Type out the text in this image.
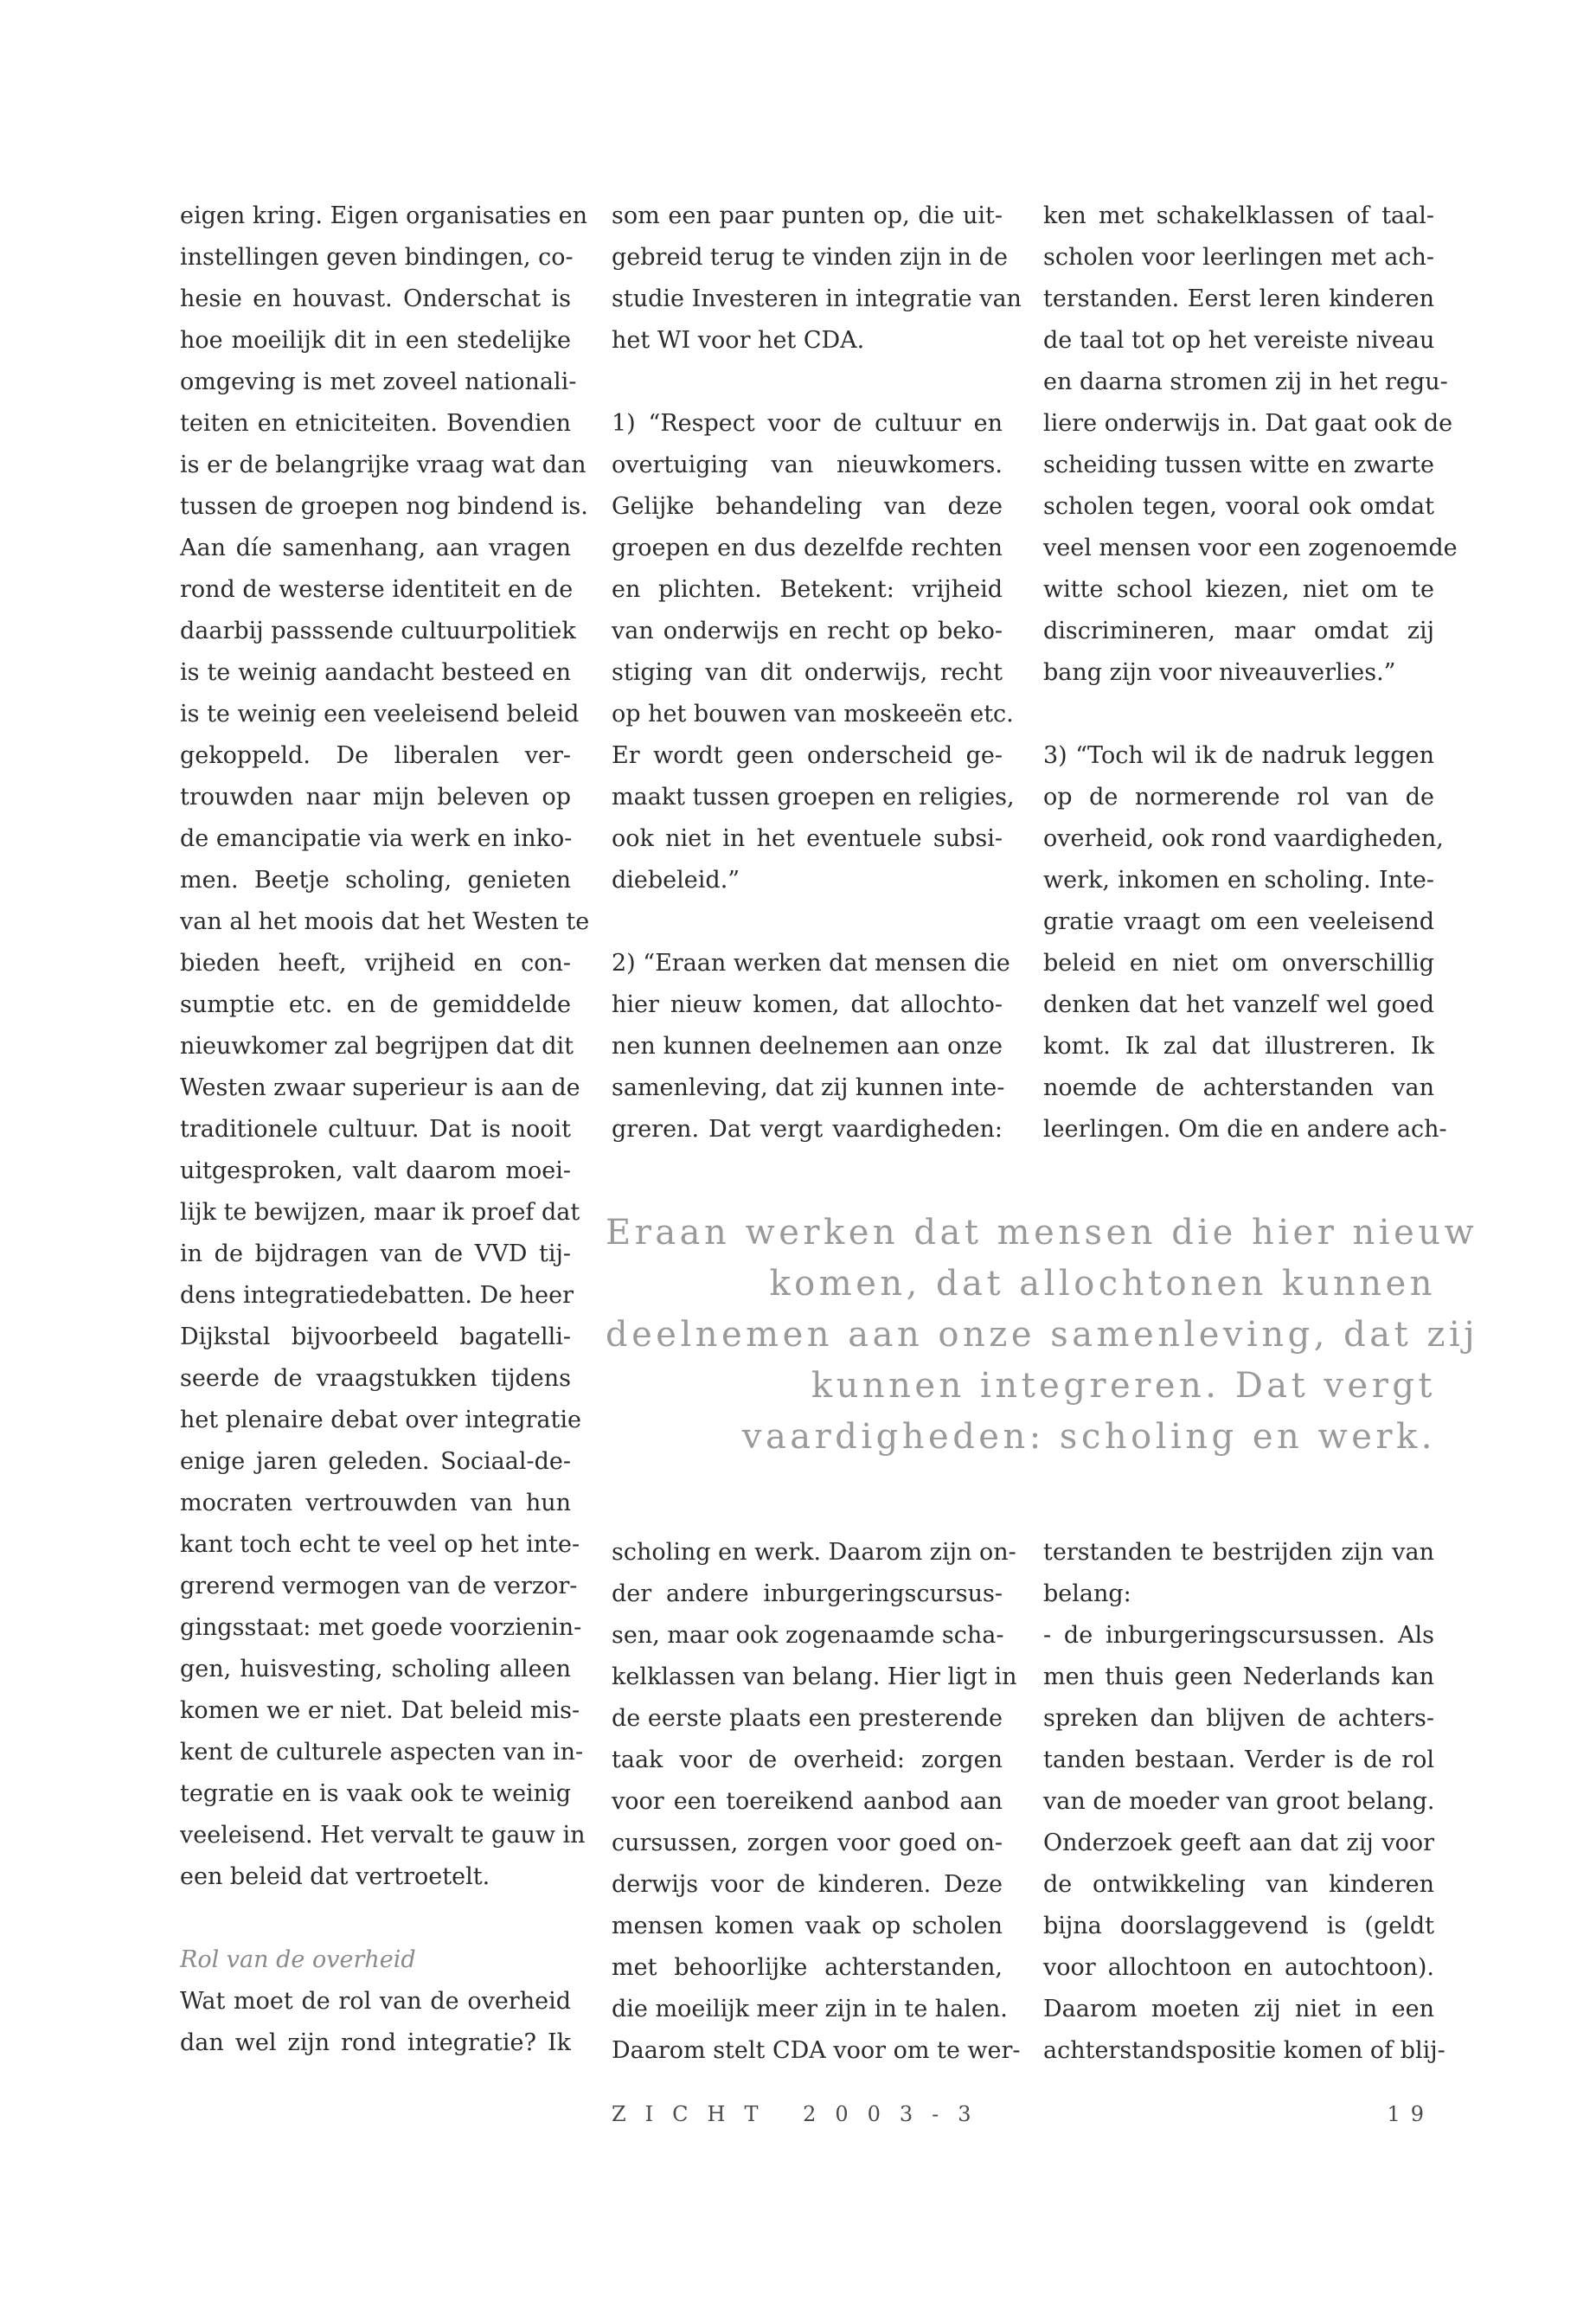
eigen kring. Eigen organisaties en
instellingen geven bindingen, co-
hesie en houvast. Onderschat is
hoe moeilijk dit in een stedelijke
omgeving is met zoveel nationali-
teiten en etniciteiten. Bovendien
is er de belangrijke vraag wat dan
tussen de groepen nog bindend is.
Aan díe samenhang, aan vragen
rond de westerse identiteit en de
daarbij passsende cultuurpolitiek
is te weinig aandacht besteed en
is te weinig een veeleisend beleid
gekoppeld. De liberalen ver-
trouwden naar mijn beleven op
de emancipatie via werk en inko-
men. Beetje scholing, genieten
van al het moois dat het Westen te
bieden heeft, vrijheid en con-
sumptie etc. en de gemiddelde
nieuwkomer zal begrijpen dat dit
Westen zwaar superieur is aan de
traditionele cultuur. Dat is nooit
uitgesproken, valt daarom moei-
lijk te bewijzen, maar ik proef dat
in de bijdragen van de VVD tij-
dens integratiedebatten. De heer
Dijkstal bijvoorbeeld bagatelli-
seerde de vraagstukken tijdens
het plenaire debat over integratie
enige jaren geleden. Sociaal-de-
mocraten vertrouwden van hun
kant toch echt te veel op het inte-
grerend vermogen van de verzor-
gingsstaat: met goede voorzienin-
gen, huisvesting, scholing alleen
komen we er niet. Dat beleid mis-
kent de culturele aspecten van in-
tegratie en is vaak ook te weinig
veeleisend. Het vervalt te gauw in
een beleid dat vertroetelt.
Rol van de overheid
Wat moet de rol van de overheid
dan wel zijn rond integratie? Ik
som een paar punten op, die uit-
gebreid terug te vinden zijn in de
studie Investeren in integratie van
het WI voor het CDA.
1) “Respect voor de cultuur en
overtuiging van nieuwkomers.
Gelijke behandeling van deze
groepen en dus dezelfde rechten
en plichten. Betekent: vrijheid
van onderwijs en recht op beko-
stiging van dit onderwijs, recht
op het bouwen van moskeeën etc.
Er wordt geen onderscheid ge-
maakt tussen groepen en religies,
ook niet in het eventuele subsi-
diebeleid.”
2) “Eraan werken dat mensen die
hier nieuw komen, dat allochto-
nen kunnen deelnemen aan onze
samenleving, dat zij kunnen inte-
greren. Dat vergt vaardigheden:
ken met schakelklassen of taal-
scholen voor leerlingen met ach-
terstanden. Eerst leren kinderen
de taal tot op het vereiste niveau
en daarna stromen zij in het regu-
liere onderwijs in. Dat gaat ook de
scheiding tussen witte en zwarte
scholen tegen, vooral ook omdat
veel mensen voor een zogenoemde
witte school kiezen, niet om te
discrimineren, maar omdat zij
bang zijn voor niveauverlies.”
3) “Toch wil ik de nadruk leggen
op de normerende rol van de
overheid, ook rond vaardigheden,
werk, inkomen en scholing. Inte-
gratie vraagt om een veeleisend
beleid en niet om onverschillig
denken dat het vanzelf wel goed
komt. Ik zal dat illustreren. Ik
noemde de achterstanden van
leerlingen. Om die en andere ach-
Eraan werken dat mensen die hier nieuw
komen, dat allochtonen kunnen
deelnemen aan onze samenleving, dat zij
kunnen integreren. Dat vergt
vaardigheden: scholing en werk.
scholing en werk. Daarom zijn on-
der andere inburgeringscursus-
sen, maar ook zogenaamde scha-
kelklassen van belang. Hier ligt in
de eerste plaats een presterende
taak voor de overheid: zorgen
voor een toereikend aanbod aan
cursussen, zorgen voor goed on-
derwijs voor de kinderen. Deze
mensen komen vaak op scholen
met behoorlijke achterstanden,
die moeilijk meer zijn in te halen.
Daarom stelt CDA voor om te wer-
terstanden te bestrijden zijn van
belang:
- de inburgeringscursussen. Als
men thuis geen Nederlands kan
spreken dan blijven de achters-
tanden bestaan. Verder is de rol
van de moeder van groot belang.
Onderzoek geeft aan dat zij voor
de ontwikkeling van kinderen
bijna doorslaggevend is (geldt
voor allochtoon en autochtoon).
Daarom moeten zij niet in een
achterstandspositie komen of blij-
ZICHT 2003-3	19
